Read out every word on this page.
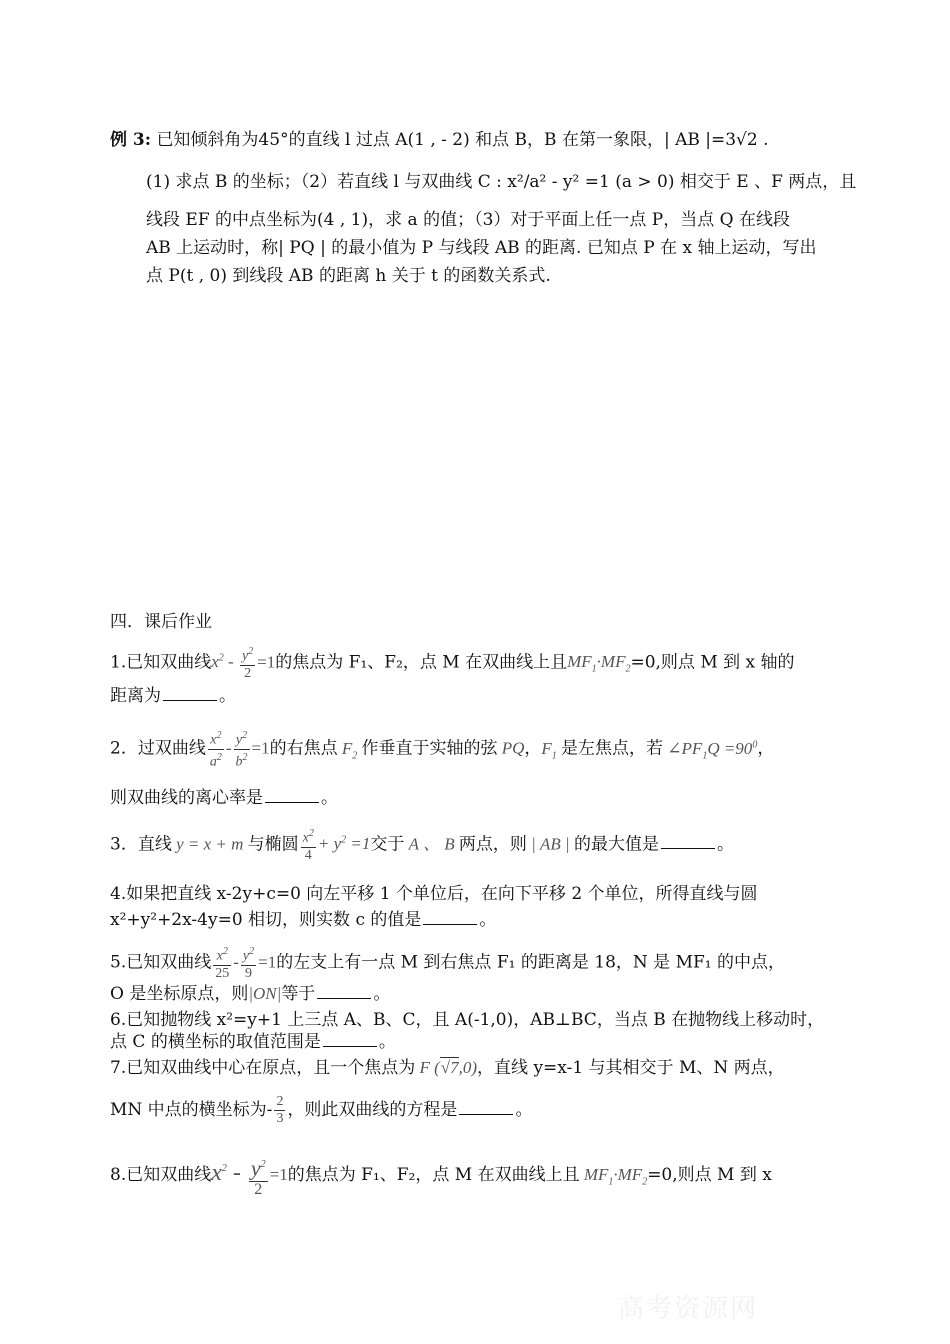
例 3: 已知倾斜角为45°的直线 l 过点 A(1 , - 2) 和点 B，B 在第一象限，| AB |=3√2 .
(1) 求点 B 的坐标；（2）若直线 l 与双曲线 C : x²/a² - y² =1 (a > 0) 相交于 E 、F 两点，且
线段 EF 的中点坐标为(4 , 1)，求 a 的值；（3）对于平面上任一点 P，当点 Q 在线段
AB 上运动时，称| PQ | 的最小值为 P 与线段 AB 的距离. 已知点 P 在 x 轴上运动，写出
点 P(t , 0) 到线段 AB 的距离 h 关于 t 的函数关系式.
四．课后作业
1.已知双曲线$x^2 - \frac{y^2}{2} =1$的焦点为 F₁、F₂，点 M 在双曲线上且$MF_1\cdot MF_2=0$,则点 M 到 x 轴的
距离为	。
2．过双曲线 $\frac{x^2}{a^2} - \frac{y^2}{b^2} =1$的右焦点 $F_2$ 作垂直于实轴的弦 PQ，$F_1$ 是左焦点，若 $\angle PF_1Q =90^0$，
则双曲线的离心率是	。
3．直线 y = x + m 与椭圆 $\frac{x^2}{4} + y^2 =1$交于 A 、 B 两点，则 | AB | 的最大值是	。
4.如果把直线 x-2y+c=0 向左平移 1 个单位后，在向下平移 2 个单位，所得直线与圆
x²+y²+2x-4y=0 相切，则实数 c 的值是	。
5.已知双曲线 $\frac{x^2}{25} - \frac{y^2}{9} =1$的左支上有一点 M 到右焦点 F₁ 的距离是 18，N 是 MF₁ 的中点，
O 是坐标原点，则|ON|等于	。
6.已知抛物线 x²=y+1 上三点 A、B、C，且 A(-1,0)，AB⊥BC，当点 B 在抛物线上移动时，
点 C 的横坐标的取值范围是	。
7.已知双曲线中心在原点，且一个焦点为 F (√7,0)，直线 y=x-1 与其相交于 M、N 两点，
MN 中点的横坐标为- $\frac{2}{3}$ ，则此双曲线的方程是	。
8.已知双曲线$x^2 - \frac{y^2}{2} =1$的焦点为 F₁、F₂，点 M 在双曲线上且 $MF_1\cdot MF_2=0$,则点 M 到 x
高考资源网
